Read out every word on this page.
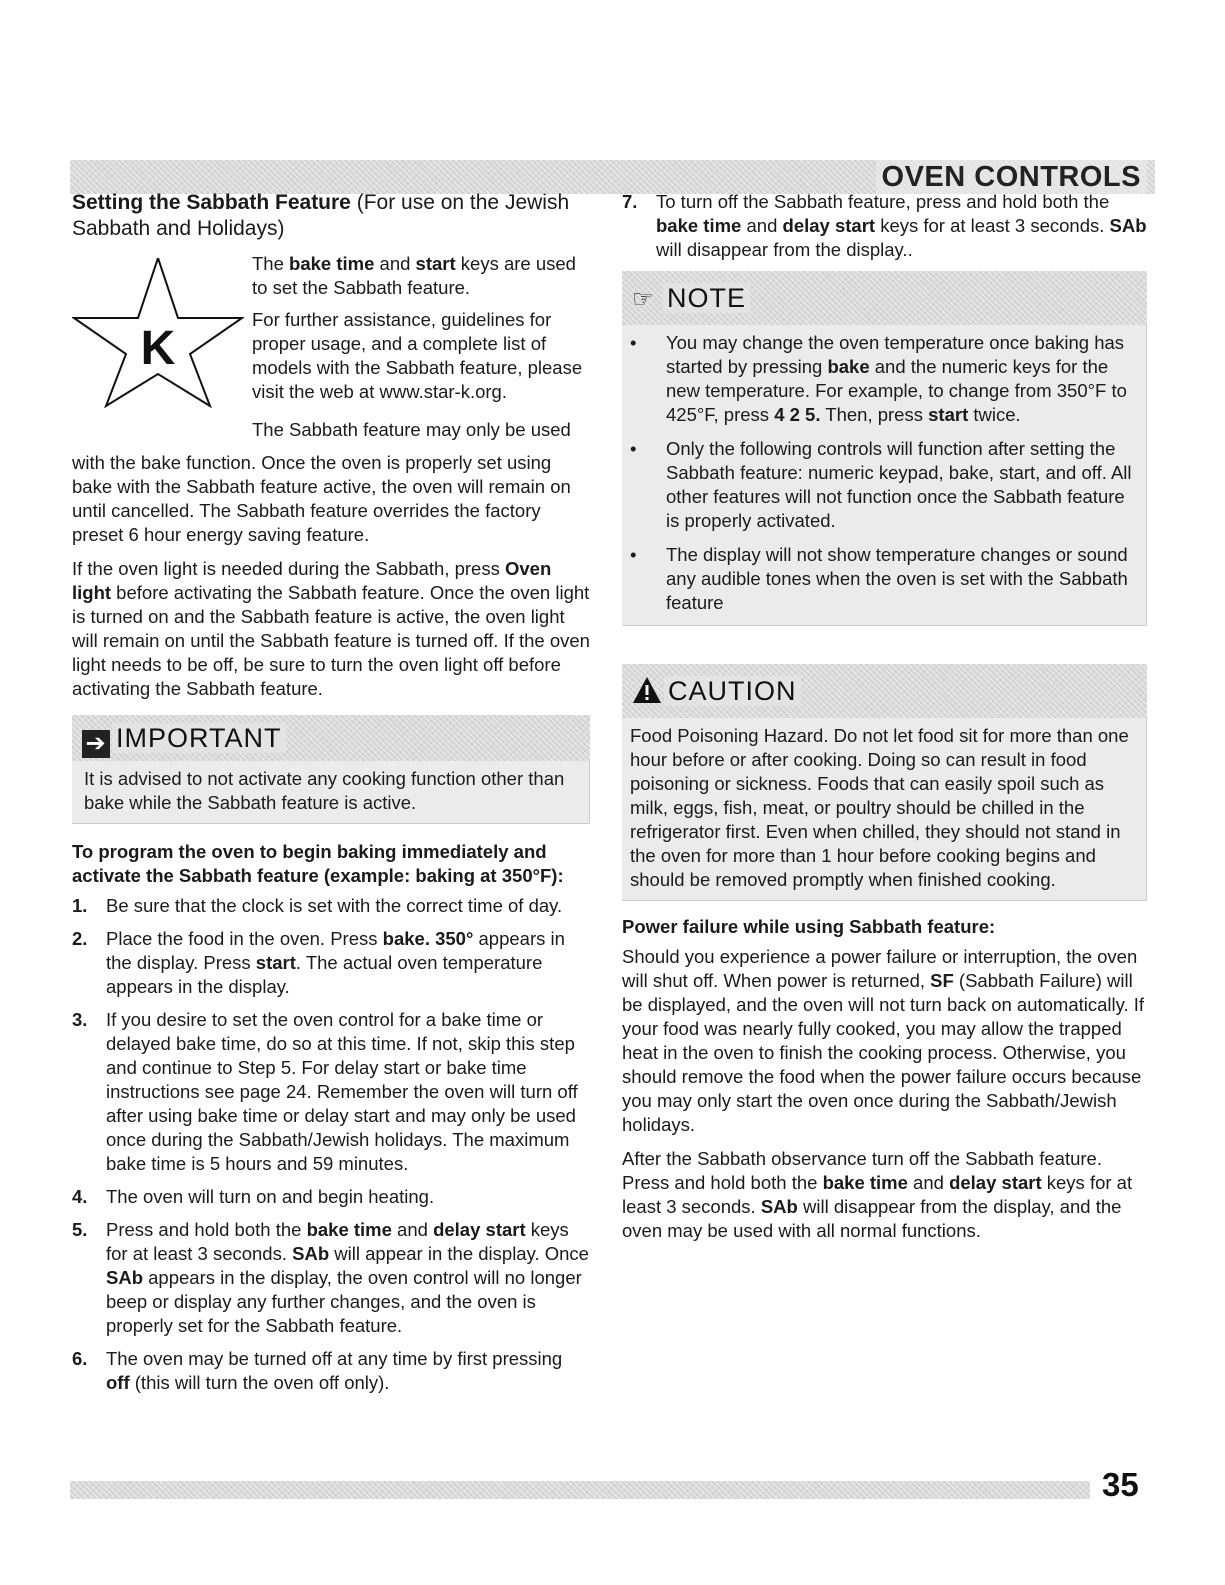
OVEN CONTROLS
Setting the Sabbath Feature (For use on the Jewish Sabbath and Holidays)
K

The bake time and start keys are used to set the Sabbath feature.

For further assistance, guidelines for proper usage, and a complete list of models with the Sabbath feature, please visit the web at www.star-k.org.

The Sabbath feature may only be used

with the bake function. Once the oven is properly set using bake with the Sabbath feature active, the oven will remain on until cancelled. The Sabbath feature overrides the factory preset 6 hour energy saving feature.

If the oven light is needed during the Sabbath, press Oven light before activating the Sabbath feature. Once the oven light is turned on and the Sabbath feature is active, the oven light will remain on until the Sabbath feature is turned off. If the oven light needs to be off, be sure to turn the oven light off before activating the Sabbath feature.

➔ IMPORTANT
It is advised to not activate any cooking function other than bake while the Sabbath feature is active.
To program the oven to begin baking immediately and activate the Sabbath feature (example: baking at 350°F):
1. Be sure that the clock is set with the correct time of day.
2. Place the food in the oven. Press bake. 350° appears in the display. Press start. The actual oven temperature appears in the display.
3. If you desire to set the oven control for a bake time or delayed bake time, do so at this time. If not, skip this step and continue to Step 5. For delay start or bake time instructions see page 24. Remember the oven will turn off after using bake time or delay start and may only be used once during the Sabbath/Jewish holidays. The maximum bake time is 5 hours and 59 minutes.
4. The oven will turn on and begin heating.
5. Press and hold both the bake time and delay start keys for at least 3 seconds. SAb will appear in the display. Once SAb appears in the display, the oven control will no longer beep or display any further changes, and the oven is properly set for the Sabbath feature.
6. The oven may be turned off at any time by first pressing off (this will turn the oven off only).
7. To turn off the Sabbath feature, press and hold both the bake time and delay start keys for at least 3 seconds. SAb will disappear from the display..
☞ NOTE
• You may change the oven temperature once baking has started by pressing bake and the numeric keys for the new temperature. For example, to change from 350°F to 425°F, press 4 2 5. Then, press start twice.
• Only the following controls will function after setting the Sabbath feature: numeric keypad, bake, start, and off. All other features will not function once the Sabbath feature is properly activated.
• The display will not show temperature changes or sound any audible tones when the oven is set with the Sabbath feature
CAUTION
Food Poisoning Hazard. Do not let food sit for more than one hour before or after cooking. Doing so can result in food poisoning or sickness. Foods that can easily spoil such as milk, eggs, fish, meat, or poultry should be chilled in the refrigerator first. Even when chilled, they should not stand in the oven for more than 1 hour before cooking begins and should be removed promptly when finished cooking.
Power failure while using Sabbath feature:

Should you experience a power failure or interruption, the oven will shut off. When power is returned, SF (Sabbath Failure) will be displayed, and the oven will not turn back on automatically. If your food was nearly fully cooked, you may allow the trapped heat in the oven to finish the cooking process. Otherwise, you should remove the food when the power failure occurs because you may only start the oven once during the Sabbath/Jewish holidays.

After the Sabbath observance turn off the Sabbath feature. Press and hold both the bake time and delay start keys for at least 3 seconds. SAb will disappear from the display, and the oven may be used with all normal functions.

35
